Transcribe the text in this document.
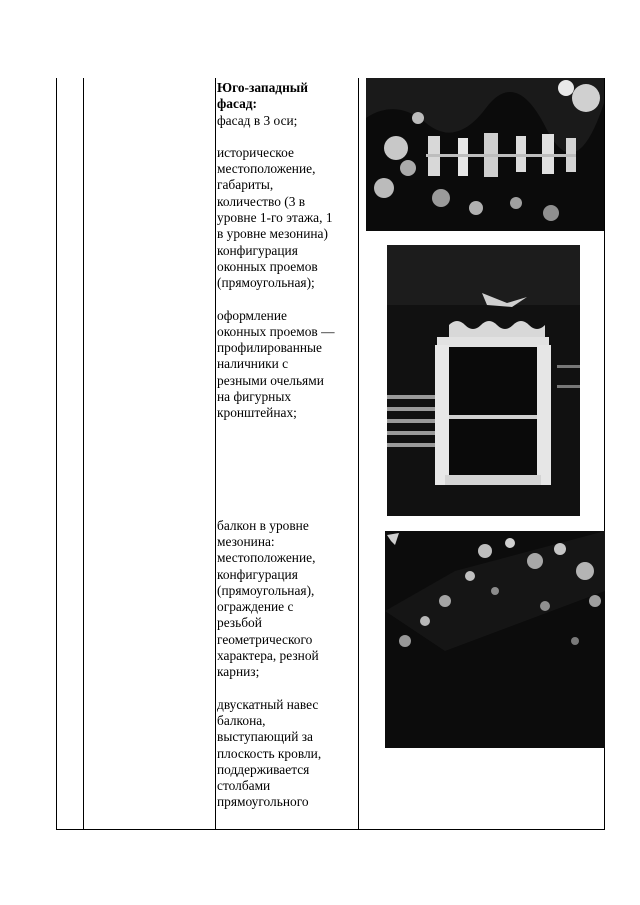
Юго-западный

фасад:

фасад в 3 оси;

историческое

местоположение,

габариты,

количество (3 в

уровне 1-го этажа, 1

в уровне мезонина)

конфигурация

оконных проемов

(прямоугольная);

оформление

оконных проемов —

профилированные

наличники с

резными очельями

на фигурных

кронштейнах;

балкон в уровне

мезонина:

местоположение,

конфигурация

(прямоугольная),

ограждение с

резьбой

геометрического

характера, резной

карниз;

двускатный навес

балкона,

выступающий за

плоскость кровли,

поддерживается

столбами

прямоугольного
